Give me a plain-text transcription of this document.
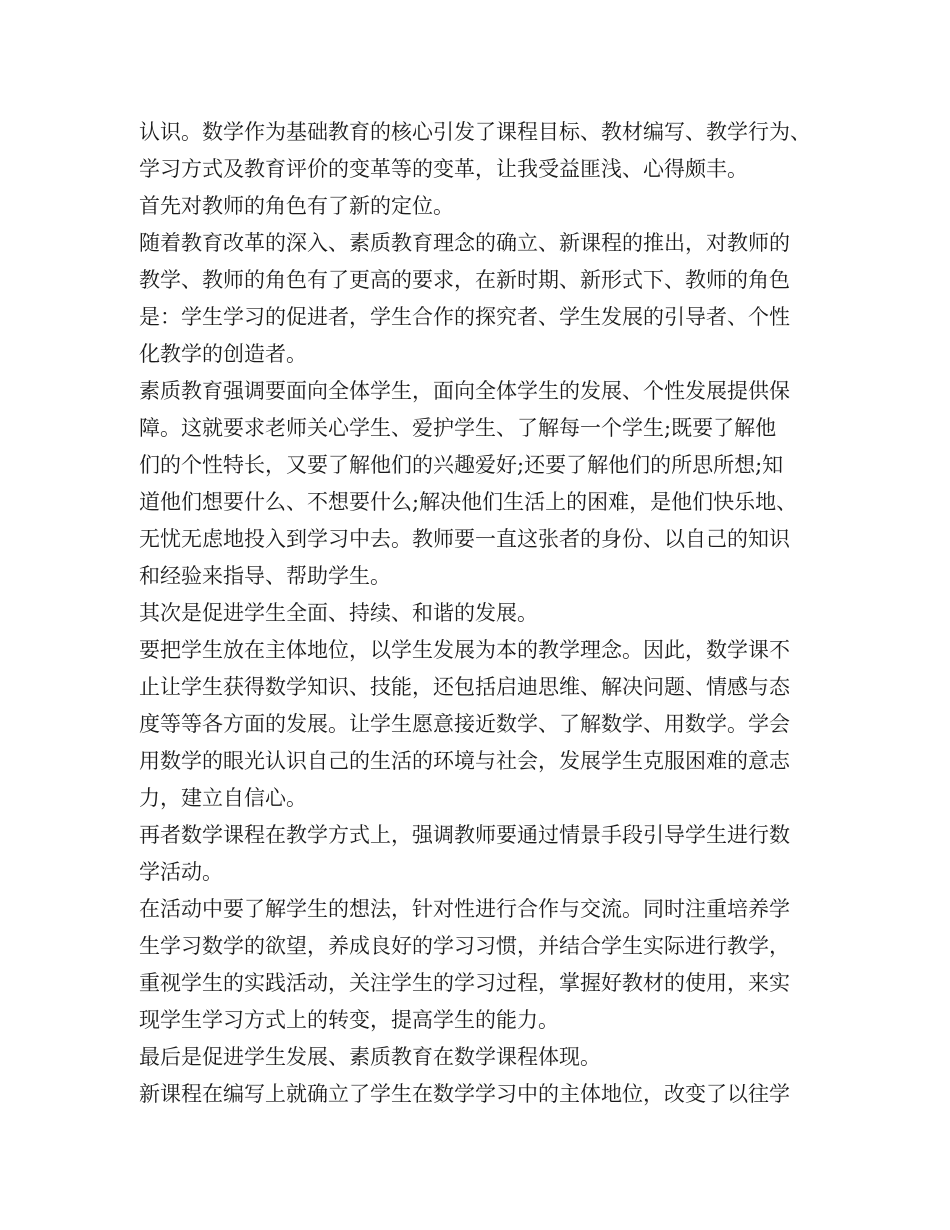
认识。数学作为基础教育的核心引发了课程目标、教材编写、教学行为、
学习方式及教育评价的变革等的变革，让我受益匪浅、心得颇丰。
首先对教师的角色有了新的定位。
随着教育改革的深入、素质教育理念的确立、新课程的推出，对教师的
教学、教师的角色有了更高的要求，在新时期、新形式下、教师的角色
是：学生学习的促进者，学生合作的探究者、学生发展的引导者、个性
化教学的创造者。
素质教育强调要面向全体学生，面向全体学生的发展、个性发展提供保
障。这就要求老师关心学生、爱护学生、了解每一个学生;既要了解他
们的个性特长，又要了解他们的兴趣爱好;还要了解他们的所思所想;知
道他们想要什么、不想要什么;解决他们生活上的困难，是他们快乐地、
无忧无虑地投入到学习中去。教师要一直这张者的身份、以自己的知识
和经验来指导、帮助学生。
其次是促进学生全面、持续、和谐的发展。
要把学生放在主体地位，以学生发展为本的教学理念。因此，数学课不
止让学生获得数学知识、技能，还包括启迪思维、解决问题、情感与态
度等等各方面的发展。让学生愿意接近数学、了解数学、用数学。学会
用数学的眼光认识自己的生活的环境与社会，发展学生克服困难的意志
力，建立自信心。
再者数学课程在教学方式上，强调教师要通过情景手段引导学生进行数
学活动。
在活动中要了解学生的想法，针对性进行合作与交流。同时注重培养学
生学习数学的欲望，养成良好的学习习惯，并结合学生实际进行教学，
重视学生的实践活动，关注学生的学习过程，掌握好教材的使用，来实
现学生学习方式上的转变，提高学生的能力。
最后是促进学生发展、素质教育在数学课程体现。
新课程在编写上就确立了学生在数学学习中的主体地位，改变了以往学
